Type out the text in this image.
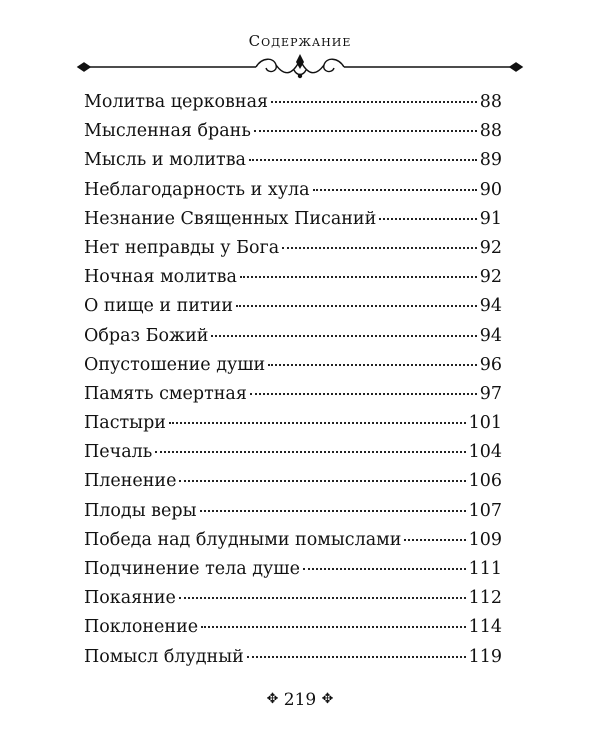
Содержание
Молитва церковная	88
Мысленная брань	88
Мысль и молитва	89
Неблагодарность и хула	90
Незнание Священных Писаний	91
Нет неправды у Бога	92
Ночная молитва	92
О пище и питии	94
Образ Божий	94
Опустошение души	96
Память смертная	97
Пастыри	101
Печаль	104
Пленение	106
Плоды веры	107
Победа над блудными помыслами	109
Подчинение тела душе	111
Покаяние	112
Поклонение	114
Помысл блудный	119
✥ 219 ✥
